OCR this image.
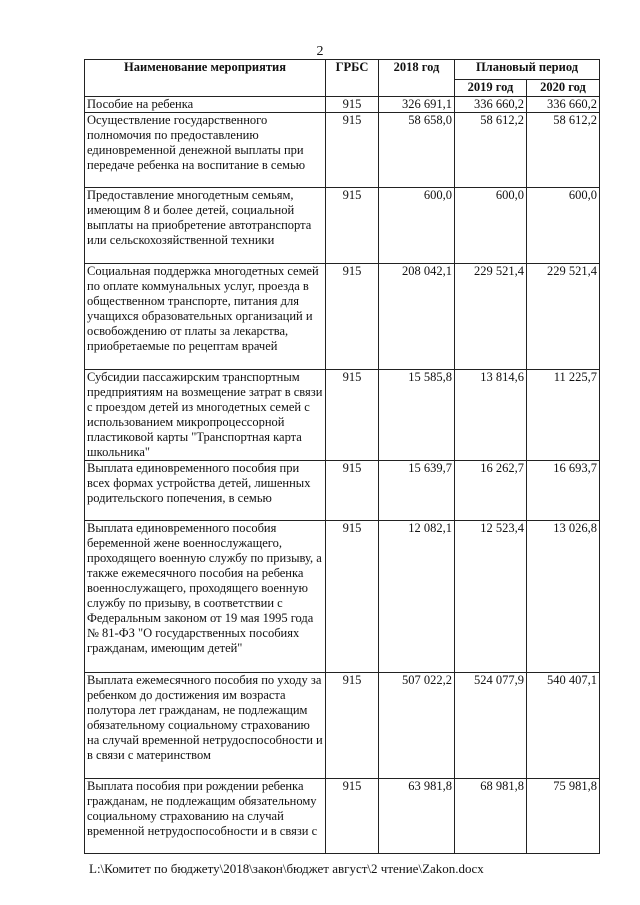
2
Наименование мероприятия	ГРБС	2018 год	Плановый период	
			2019 год	2020 год
Пособие на ребенка	915	326 691,1	336 660,2	336 660,2
Осуществление государственного полномочия по предоставлению единовременной денежной выплаты при передаче ребенка на воспитание в семью	915	58 658,0	58 612,2	58 612,2
Предоставление многодетным семьям, имеющим 8 и более детей, социальной выплаты на приобретение автотранспорта или сельскохозяйственной техники	915	600,0	600,0	600,0
Социальная поддержка многодетных семей по оплате коммунальных услуг, проезда в общественном транспорте, питания для учащихся образовательных организаций и освобождению от платы за лекарства, приобретаемые по рецептам врачей	915	208 042,1	229 521,4	229 521,4
Субсидии пассажирским транспортным предприятиям на возмещение затрат в связи с проездом детей из многодетных семей с использованием микропроцессорной пластиковой карты "Транспортная карта школьника"	915	15 585,8	13 814,6	11 225,7
Выплата единовременного пособия при всех формах устройства детей, лишенных родительского попечения, в семью	915	15 639,7	16 262,7	16 693,7
Выплата единовременного пособия беременной жене военнослужащего, проходящего военную службу по призыву, а также ежемесячного пособия на ребенка военнослужащего, проходящего военную службу по призыву, в соответствии с Федеральным законом от 19 мая 1995 года № 81-ФЗ "О государственных пособиях гражданам, имеющим детей"	915	12 082,1	12 523,4	13 026,8
Выплата ежемесячного пособия по уходу за ребенком до достижения им возраста полутора лет гражданам, не подлежащим обязательному социальному страхованию на случай временной нетрудоспособности и в связи с материнством	915	507 022,2	524 077,9	540 407,1
Выплата пособия при рождении ребенка гражданам, не подлежащим обязательному социальному страхованию на случай временной нетрудоспособности и в связи с	915	63 981,8	68 981,8	75 981,8
L:\Комитет по бюджету\2018\закон\бюджет август\2 чтение\Zakon.docx
